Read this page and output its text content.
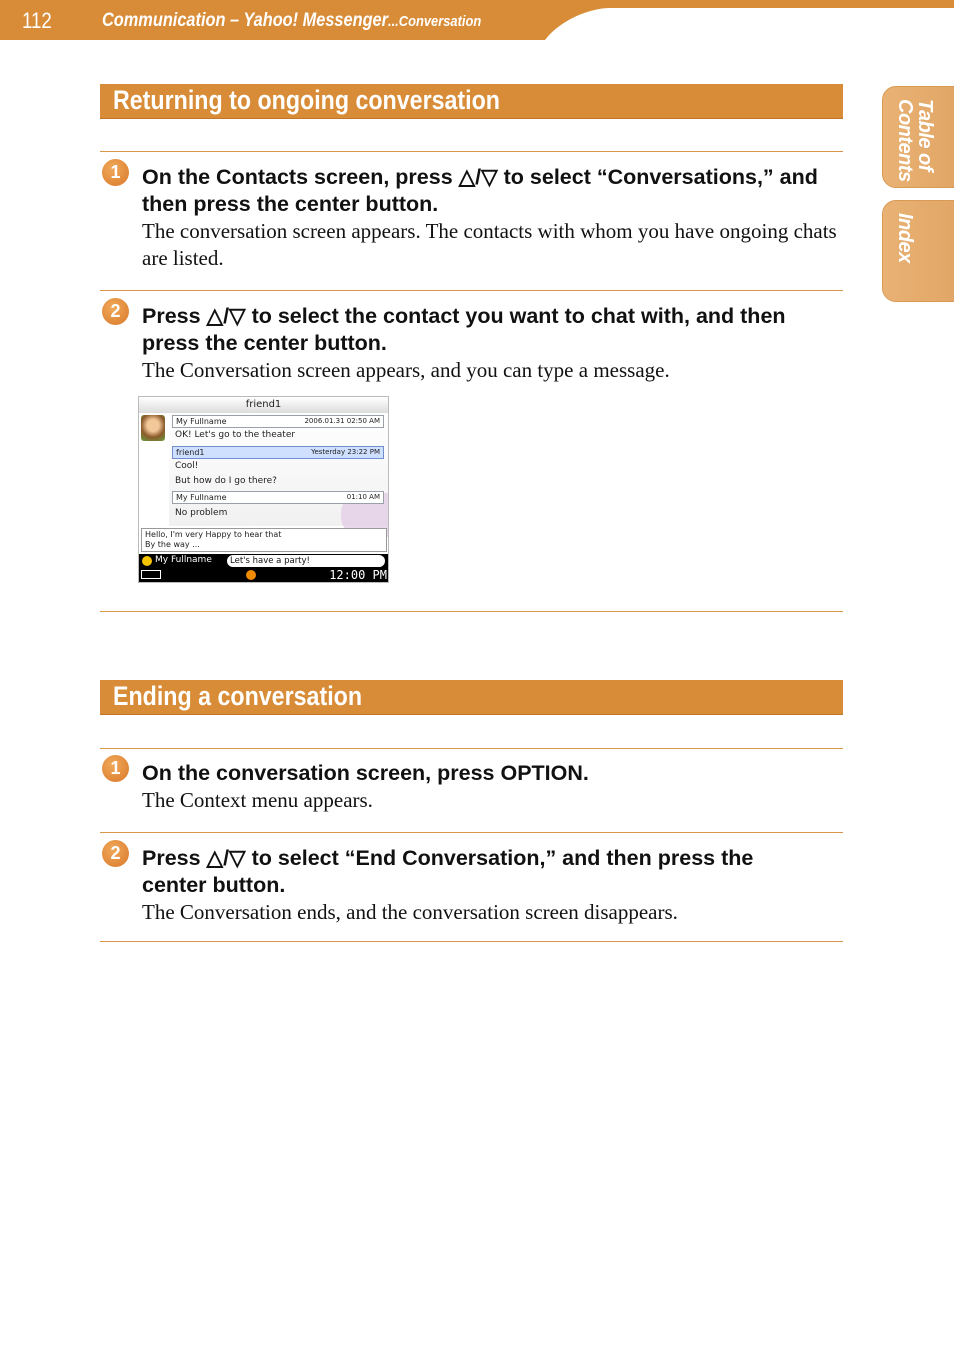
112	Communication – Yahoo! Messenger...Conversation
Table of
Contents
Index
Returning to ongoing conversation
1	On the Contacts screen, press △/▽ to select “Conversations,” and then press the center button.
The conversation screen appears. The contacts with whom you have ongoing chats are listed.
2	Press △/▽ to select the contact you want to chat with, and then press the center button.
The Conversation screen appears, and you can type a message.
friend1
My Fullname	2006.01.31 02:50 AM
OK! Let's go to the theater
friend1	Yesterday 23:22 PM
Cool!
But how do I go there?
My Fullname	01:10 AM
No problem
Hello, I'm very Happy to hear that
By the way ...
My Fullname	Let's have a party!
12:00 PM
Ending a conversation
1	On the conversation screen, press OPTION.
The Context menu appears.
2	Press △/▽ to select “End Conversation,” and then press the center button.
The Conversation ends, and the conversation screen disappears.
